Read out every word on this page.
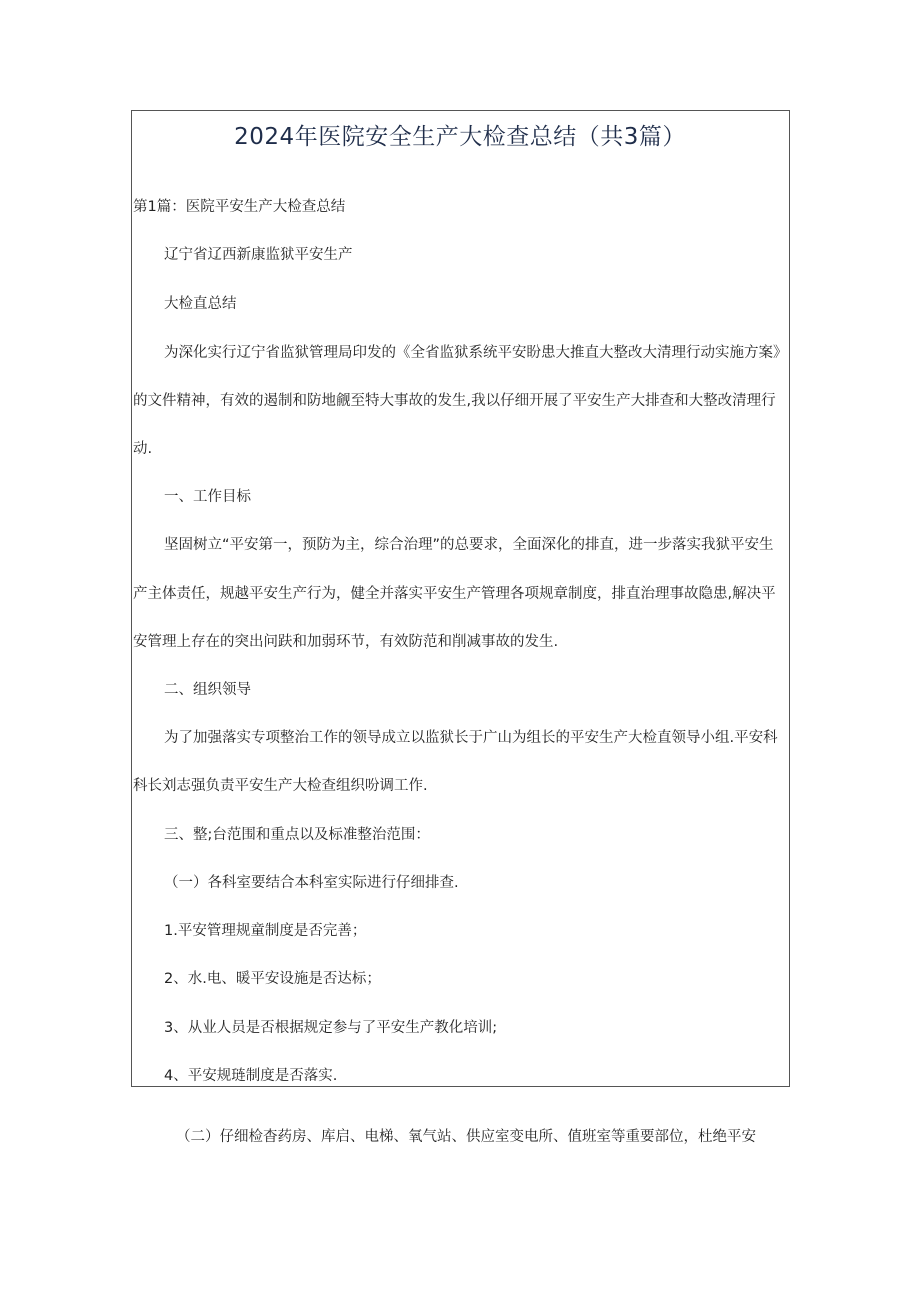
2024年医院安全生产大检查总结（共3篇）

第1篇：医院平安生产大检查总结

辽宁省辽西新康监狱平安生产

大检直总结

为深化实行辽宁省监狱管理局印发的《全省监狱系统平安盼患大推直大整改大清理行动实施方案》

的文件精神，有效的遏制和防地觎至特大事故的发生,我以仔细开展了平安生产大排查和大整改清理行

动.

一、工作目标

坚固树立“平安第一，预防为主，综合治理”的总要求，全面深化的排直，进一步落实我狱平安生

产主体责任，规越平安生产行为，健全并落实平安生产管理各项规章制度，排直治理事故隐患,解决平

安管理上存在的突出问趺和加弱环节，有效防范和削减事故的发生.

二、组织领导

为了加强落实专项整治工作的领导成立以监狱长于广山为组长的平安生产大检直领导小组.平安科

科长刘志强负责平安生产大检查组织吩调工作.

三、整;台范围和重点以及标准整治范围：

（一）各科室要结合本科室实际进行仔细排查.

1.平安管理规童制度是否完善；

2、水.电、暖平安设施是否达标；

3、从业人员是否根据规定参与了平安生产教化培训;

4、平安规琏制度是否落实.

（二）仔细检杳药房、库启、电梯、氧气站、供应室变电所、值班室等重要部位，杜绝平安
